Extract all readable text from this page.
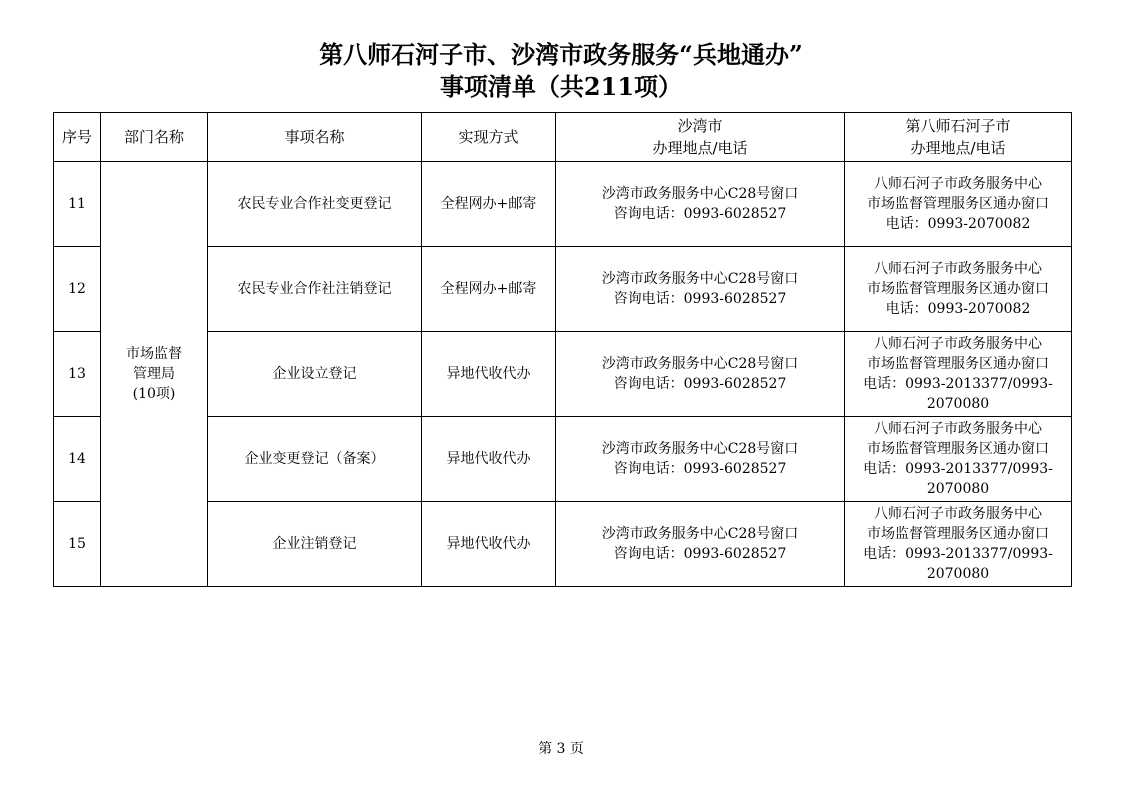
第八师石河子市、沙湾市政务服务“兵地通办”
事项清单（共211项）
序号	部门名称	事项名称	实现方式	沙湾市
办理地点/电话	第八师石河子市
办理地点/电话

11	市场监督
管理局
(10项)	农民专业合作社变更登记	全程网办+邮寄	沙湾市政务服务中心C28号窗口
咨询电话：0993-6028527	八师石河子市政务服务中心
市场监督管理服务区通办窗口
电话：0993-2070082

12		农民专业合作社注销登记	全程网办+邮寄	沙湾市政务服务中心C28号窗口
咨询电话：0993-6028527	八师石河子市政务服务中心
市场监督管理服务区通办窗口
电话：0993-2070082

13		企业设立登记	异地代收代办	沙湾市政务服务中心C28号窗口
咨询电话：0993-6028527	八师石河子市政务服务中心
市场监督管理服务区通办窗口
电话：0993-2013377/0993-
2070080

14		企业变更登记（备案）	异地代收代办	沙湾市政务服务中心C28号窗口
咨询电话：0993-6028527	八师石河子市政务服务中心
市场监督管理服务区通办窗口
电话：0993-2013377/0993-
2070080

15		企业注销登记	异地代收代办	沙湾市政务服务中心C28号窗口
咨询电话：0993-6028527	八师石河子市政务服务中心
市场监督管理服务区通办窗口
电话：0993-2013377/0993-
2070080
第 3 页
